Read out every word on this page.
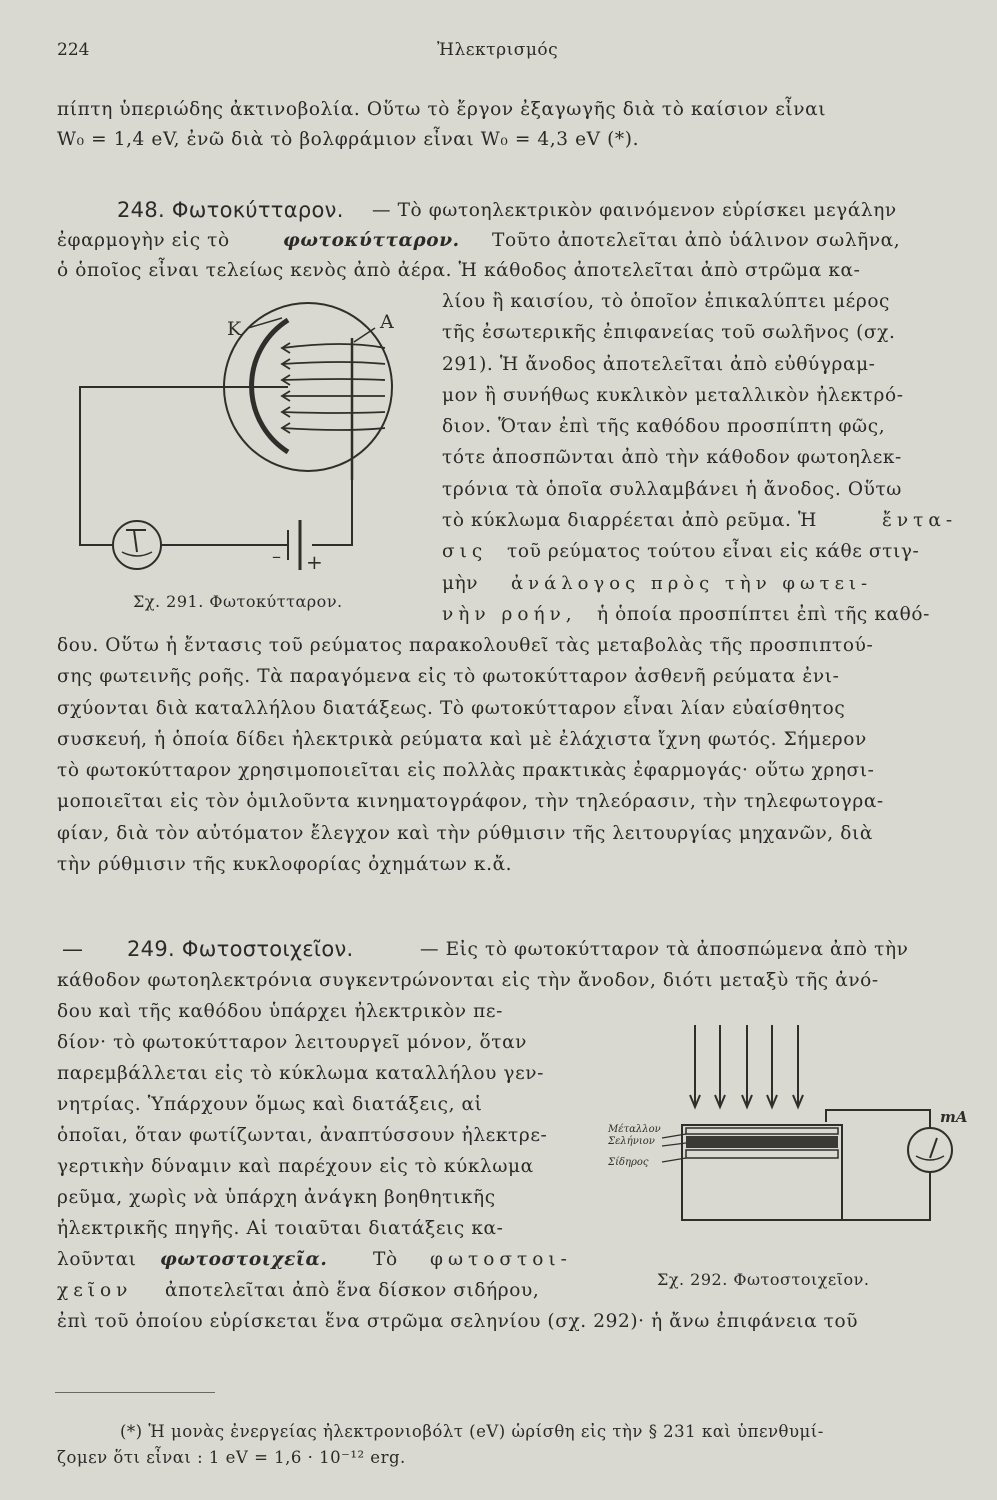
224	Ἠλεκτρισμός
πίπτη ὑπεριώδης ἀκτινοβολία. Οὕτω τὸ ἔργον ἐξαγωγῆς διὰ τὸ καίσιον εἶναι
W₀ = 1,4 eV, ἐνῶ διὰ τὸ βολφράμιον εἶναι W₀ = 4,3 eV (*).
248. Φωτοκύτταρον. — Τὸ φωτοηλεκτρικὸν φαινόμενον εὑρίσκει μεγάλην
ἐφαρμογὴν εἰς τὸ	φωτοκύτταρον. Τοῦτο ἀποτελεῖται ἀπὸ ὑάλινον σωλῆνα,
ὁ ὁποῖος εἶναι τελείως κενὸς ἀπὸ ἀέρα. Ἡ κάθοδος ἀποτελεῖται ἀπὸ στρῶμα κα-
λίου ἢ καισίου, τὸ ὁποῖον ἐπικαλύπτει μέρος
τῆς ἐσωτερικῆς ἐπιφανείας τοῦ σωλῆνος (σχ.
291). Ἡ ἄνοδος ἀποτελεῖται ἀπὸ εὐθύγραμ-
μον ἢ συνήθως κυκλικὸν μεταλλικὸν ἠλεκτρό-
διον. Ὅταν ἐπὶ τῆς καθόδου προσπίπτη φῶς,
τότε ἀποσπῶνται ἀπὸ τὴν κάθοδον φωτοηλεκ-
τρόνια τὰ ὁποῖα συλλαμβάνει ἡ ἄνοδος. Οὕτω
τὸ κύκλωμα διαρρέεται ἀπὸ ρεῦμα. Ἡ	ἔντα-
σις τοῦ ρεύματος τούτου εἶναι εἰς κάθε στιγ-
μὴν ἀνάλογος πρὸς τὴν φωτει-
νὴν ροήν, ἡ ὁποία προσπίπτει ἐπὶ τῆς καθό-
δου. Οὕτω ἡ ἔντασις τοῦ ρεύματος παρακολουθεῖ τὰς μεταβολὰς τῆς προσπιπτού-
σης φωτεινῆς ροῆς. Τὰ παραγόμενα εἰς τὸ φωτοκύτταρον ἀσθενῆ ρεύματα ἐνι-
σχύονται διὰ καταλλήλου διατάξεως. Τὸ φωτοκύτταρον εἶναι λίαν εὐαίσθητος
συσκευή, ἡ ὁποία δίδει ἠλεκτρικὰ ρεύματα καὶ μὲ ἐλάχιστα ἴχνη φωτός. Σήμερον
τὸ φωτοκύτταρον χρησιμοποιεῖται εἰς πολλὰς πρακτικὰς ἐφαρμογάς· οὕτω χρησι-
μοποιεῖται εἰς τὸν ὁμιλοῦντα κινηματογράφον, τὴν τηλεόρασιν, τὴν τηλεφωτογρα-
φίαν, διὰ τὸν αὐτόματον ἔλεγχον καὶ τὴν ρύθμισιν τῆς λειτουργίας μηχανῶν, διὰ
τὴν ρύθμισιν τῆς κυκλοφορίας ὀχημάτων κ.ἄ.
K	A
– +
Σχ. 291. Φωτοκύτταρον.
— 249. Φωτοστοιχεῖον.	— Εἰς τὸ φωτοκύτταρον τὰ ἀποσπώμενα ἀπὸ τὴν
κάθοδον φωτοηλεκτρόνια συγκεντρώνονται εἰς τὴν ἄνοδον, διότι μεταξὺ τῆς ἀνό-
δου καὶ τῆς καθόδου ὑπάρχει ἠλεκτρικὸν πε-
δίον· τὸ φωτοκύτταρον λειτουργεῖ μόνον, ὅταν
παρεμβάλλεται εἰς τὸ κύκλωμα καταλλήλου γεν-
νητρίας. Ὑπάρχουν ὅμως καὶ διατάξεις, αἱ
ὁποῖαι, ὅταν φωτίζωνται, ἀναπτύσσουν ἠλεκτρε-
γερτικὴν δύναμιν καὶ παρέχουν εἰς τὸ κύκλωμα
ρεῦμα, χωρὶς νὰ ὑπάρχη ἀνάγκη βοηθητικῆς
ἠλεκτρικῆς πηγῆς. Αἱ τοιαῦται διατάξεις κα-
λοῦνται φωτοστοιχεῖα. Τὸ φωτοστοι-
χεῖον ἀποτελεῖται ἀπὸ ἕνα δίσκον σιδήρου,
ἐπὶ τοῦ ὁποίου εὑρίσκεται ἕνα στρῶμα σεληνίου (σχ. 292)· ἡ ἄνω ἐπιφάνεια τοῦ
Μέταλλον
Σελήνιον
Σίδηρος
mA
Σχ. 292. Φωτοστοιχεῖον.
(*) Ἡ μονὰς ἐνεργείας ἠλεκτρονιοβόλτ (eV) ὡρίσθη εἰς τὴν § 231 καὶ ὑπενθυμί-
ζομεν ὅτι εἶναι : 1 eV = 1,6 · 10⁻¹² erg.
